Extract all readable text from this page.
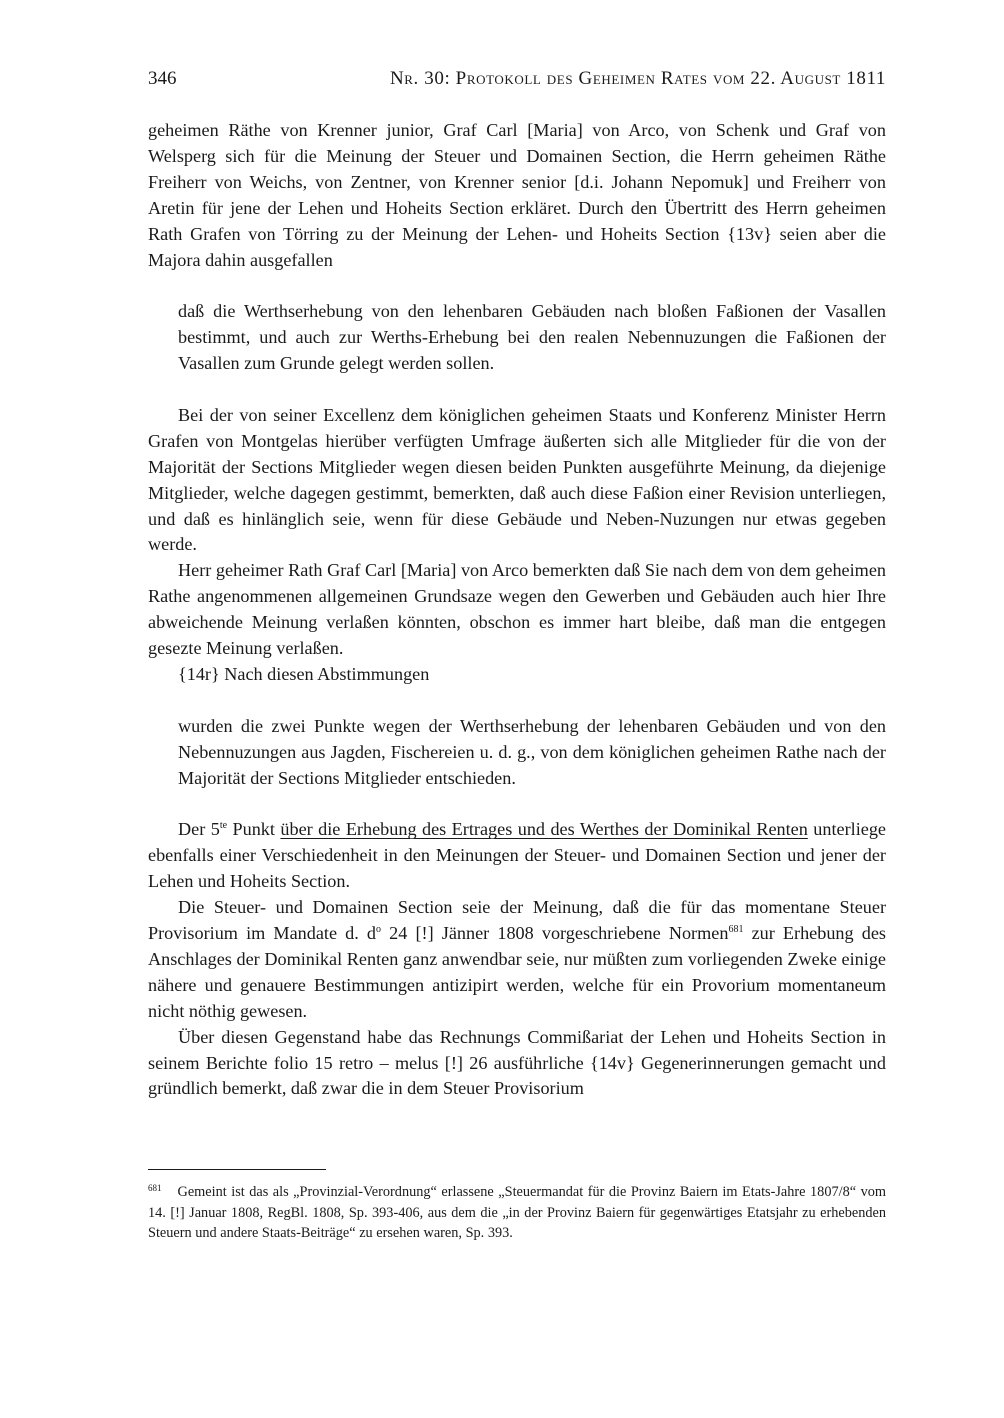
346	Nr. 30: Protokoll des Geheimen Rates vom 22. August 1811

geheimen Räthe von Krenner junior, Graf Carl [Maria] von Arco, von Schenk und Graf von Welsperg sich für die Meinung der Steuer und Domainen Section, die Herrn geheimen Räthe Freiherr von Weichs, von Zentner, von Krenner senior [d.i. Johann Nepomuk] und Freiherr von Aretin für jene der Lehen und Hoheits Section erkläret. Durch den Übertritt des Herrn geheimen Rath Grafen von Törring zu der Meinung der Lehen- und Hoheits Section {13v} seien aber die Majora dahin ausgefallen

daß die Werthserhebung von den lehenbaren Gebäuden nach bloßen Faßionen der Vasallen bestimmt, und auch zur Werths-Erhebung bei den realen Nebennuzungen die Faßionen der Vasallen zum Grunde gelegt werden sollen.

Bei der von seiner Excellenz dem königlichen geheimen Staats und Konferenz Minister Herrn Grafen von Montgelas hierüber verfügten Umfrage äußerten sich alle Mitglieder für die von der Majorität der Sections Mitglieder wegen diesen beiden Punkten ausgeführte Meinung, da diejenige Mitglieder, welche dagegen gestimmt, bemerkten, daß auch diese Faßion einer Revision unterliegen, und daß es hinlänglich seie, wenn für diese Gebäude und Neben-Nuzungen nur etwas gegeben werde.

Herr geheimer Rath Graf Carl [Maria] von Arco bemerkten daß Sie nach dem von dem geheimen Rathe angenommenen allgemeinen Grundsaze wegen den Gewerben und Gebäuden auch hier Ihre abweichende Meinung verlaßen könnten, obschon es immer hart bleibe, daß man die entgegen gesezte Meinung verlaßen.

{14r} Nach diesen Abstimmungen

wurden die zwei Punkte wegen der Werthserhebung der lehenbaren Gebäuden und von den Nebennuzungen aus Jagden, Fischereien u. d. g., von dem königlichen geheimen Rathe nach der Majorität der Sections Mitglieder entschieden.

Der $5^{te}$ Punkt über die Erhebung des Ertrages und des Werthes der Dominikal Renten unterliege ebenfalls einer Verschiedenheit in den Meinungen der Steuer- und Domainen Section und jener der Lehen und Hoheits Section.

Die Steuer- und Domainen Section seie der Meinung, daß die für das momentane Steuer Provisorium im Mandate d. $d^o$ 24 [!] Jänner 1808 vorgeschriebene Normen$^{681}$ zur Erhebung des Anschlages der Dominikal Renten ganz anwendbar seie, nur müßten zum vorliegenden Zweke einige nähere und genauere Bestimmungen antizipirt werden, welche für ein Provorium momentaneum nicht nöthig gewesen.

Über diesen Gegenstand habe das Rechnungs Commißariat der Lehen und Hoheits Section in seinem Berichte folio 15 retro – melus [!] 26 ausführliche {14v} Gegenerinnerungen gemacht und gründlich bemerkt, daß zwar die in dem Steuer Provisorium

$^{681}$ Gemeint ist das als „Provinzial-Verordnung“ erlassene „Steuermandat für die Provinz Baiern im Etats-Jahre 1807/8“ vom 14. [!] Januar 1808, RegBl. 1808, Sp. 393-406, aus dem die „in der Provinz Baiern für gegenwärtiges Etatsjahr zu erhebenden Steuern und andere Staats-Beiträge“ zu ersehen waren, Sp. 393.
